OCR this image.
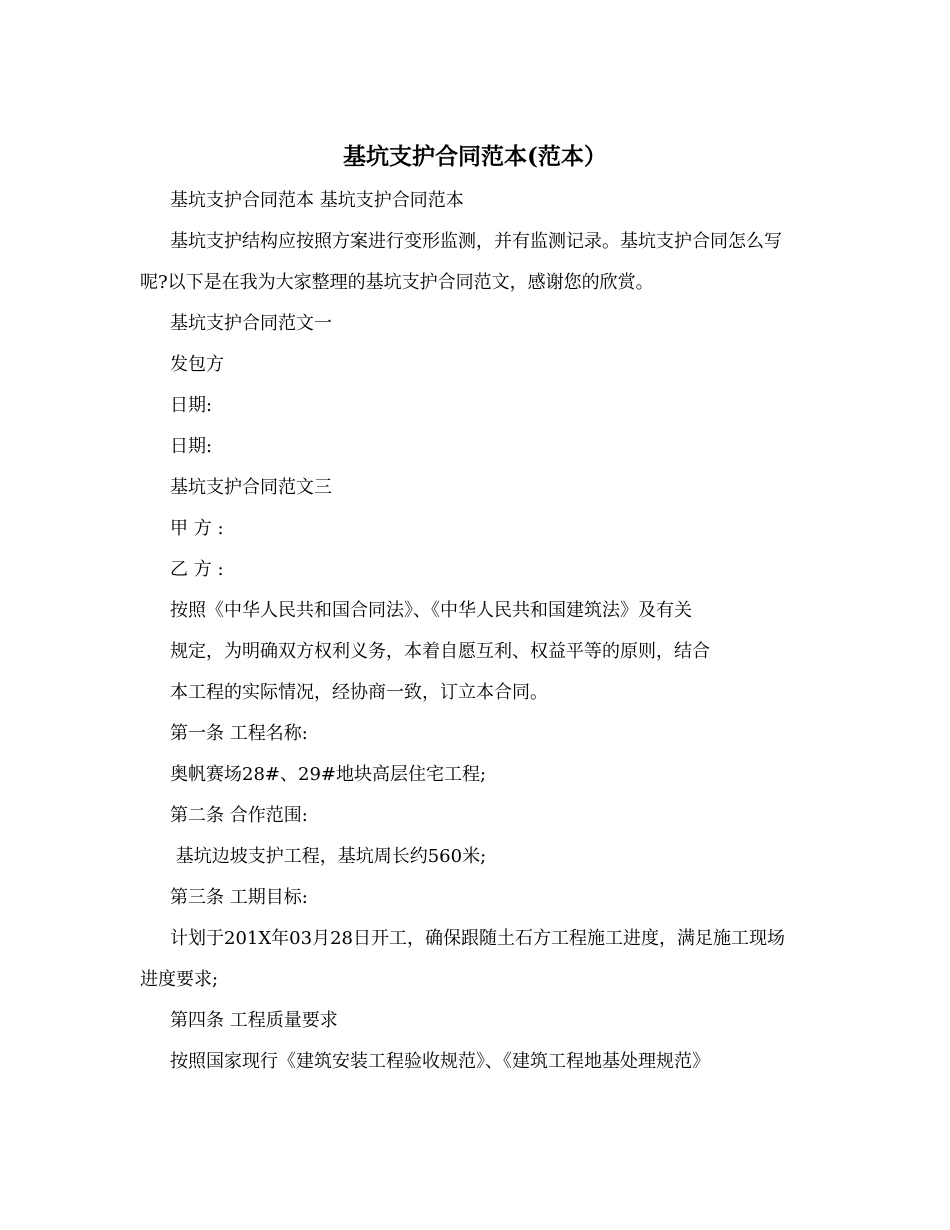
基坑支护合同范本(范本）
基坑支护合同范本 基坑支护合同范本
基坑支护结构应按照方案进行变形监测，并有监测记录。基坑支护合同怎么写
呢?以下是在我为大家整理的基坑支护合同范文，感谢您的欣赏。
基坑支护合同范文一
发包方
日期:
日期:
基坑支护合同范文三
甲 方 :
乙 方 :
按照《中华人民共和国合同法》、《中华人民共和国建筑法》及有关
规定，为明确双方权利义务，本着自愿互利、权益平等的原则，结合
本工程的实际情况，经协商一致，订立本合同。
第一条 工程名称:
奥帆赛场28#、29#地块高层住宅工程;
第二条 合作范围:
基坑边坡支护工程，基坑周长约560米;
第三条 工期目标:
计划于201X年03月28日开工，确保跟随土石方工程施工进度，满足施工现场
进度要求;
第四条 工程质量要求
按照国家现行《建筑安装工程验收规范》、《建筑工程地基处理规范》
